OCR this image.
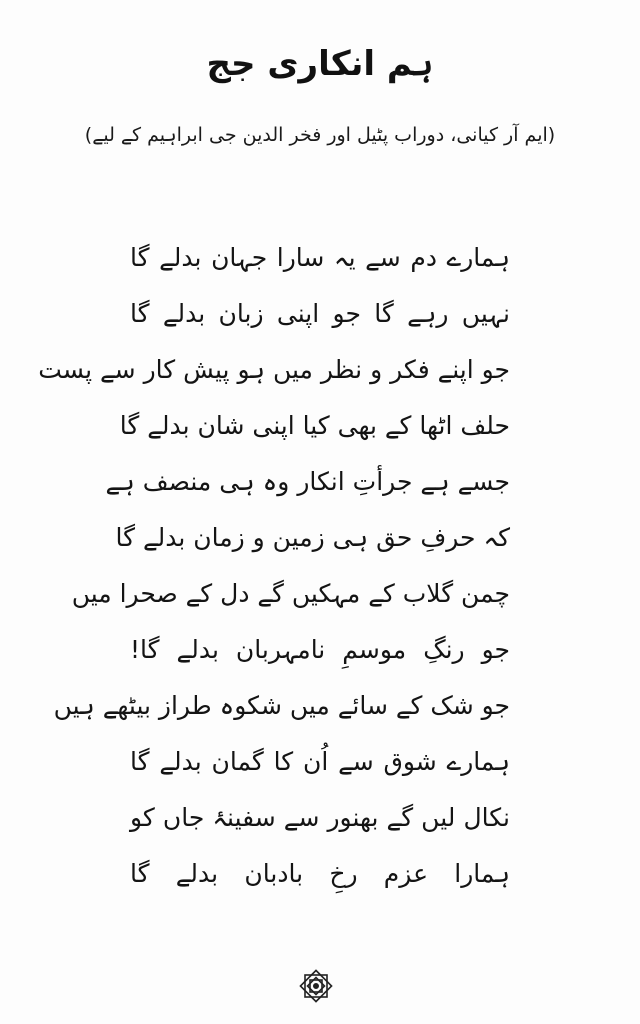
ہم انکاری جج
(ایم آر کیانی، دوراب پٹیل اور فخر الدین جی ابراہیم کے لیے)
ہمارے دم سے یہ سارا جہان بدلے گا
نہیں رہے گا جو اپنی زبان بدلے گا
جو اپنے فکر و نظر میں ہو پیش کار سے پست
حلف اٹھا کے بھی کیا اپنی شان بدلے گا
جسے ہے جرأتِ انکار وہ ہی منصف ہے
کہ حرفِ حق ہی زمین و زمان بدلے گا
چمن گلاب کے مہکیں گے دل کے صحرا میں
جو رنگِ موسمِ نامہربان بدلے گا!
جو شک کے سائے میں شکوہ طراز بیٹھے ہیں
ہمارے شوق سے اُن کا گمان بدلے گا
نکال لیں گے بھنور سے سفینۂ جاں کو
ہمارا عزم رخِ بادبان بدلے گا
